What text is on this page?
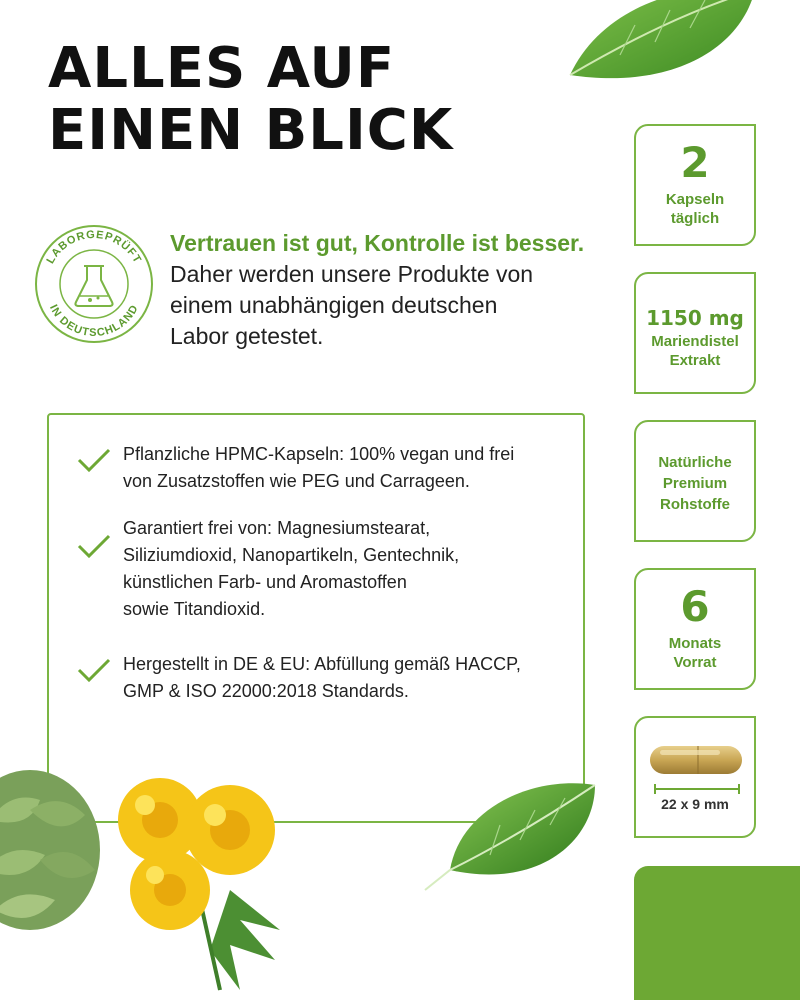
ALLES AUF
EINEN BLICK
LABORGEPRÜFT
IN DEUTSCHLAND
Vertrauen ist gut, Kontrolle ist besser.
Daher werden unsere Produkte von
einem unabhängigen deutschen
Labor getestet.
Pflanzliche HPMC-Kapseln: 100% vegan und frei
von Zusatzstoffen wie PEG und Carrageen.
Garantiert frei von: Magnesiumstearat,
Siliziumdioxid, Nanopartikeln, Gentechnik,
künstlichen Farb- und Aromastoffen
sowie Titandioxid.
Hergestellt in DE & EU: Abfüllung gemäß HACCP,
GMP & ISO 22000:2018 Standards.
2
Kapseln
täglich
1150 mg
Mariendistel
Extrakt
Natürliche
Premium
Rohstoffe
6
Monats
Vorrat
22 x 9 mm
